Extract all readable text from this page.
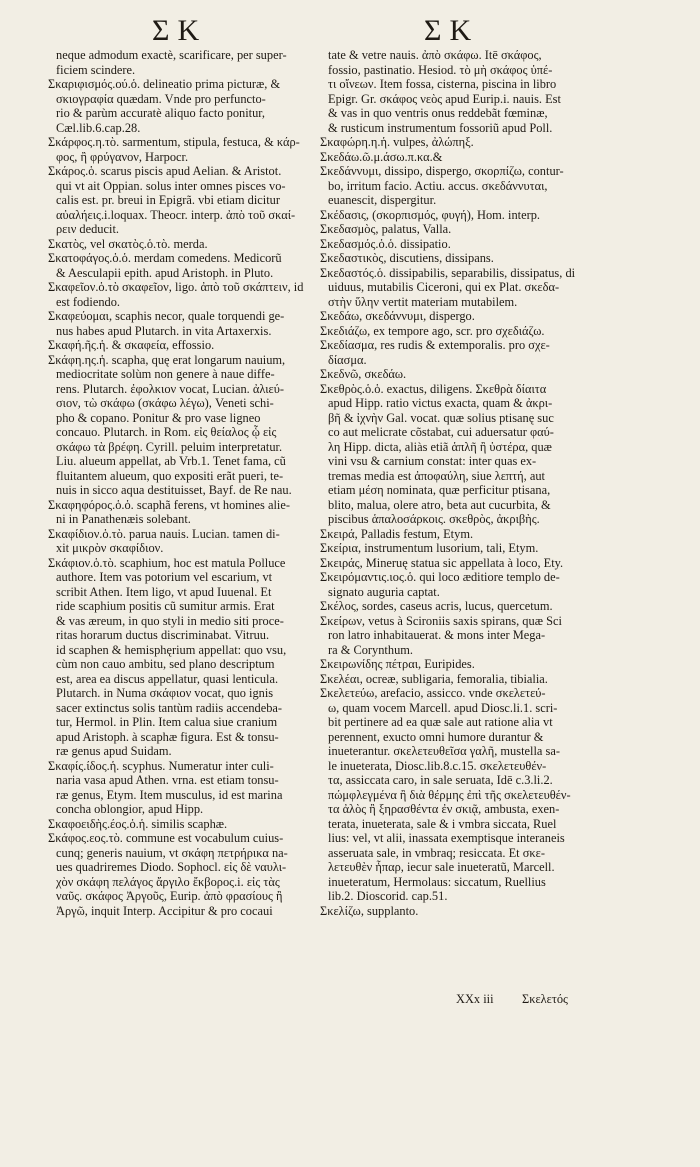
ΣΚ	ΣΚ
neque admodum exactè, scarificare, per super-
ficiem scindere.
Σκαριφισμός.ού.ὁ. delineatio prima picturæ, &
σκιογραφία quædam. Vnde pro perfuncto-
rio & parùm accuratè aliquo facto ponitur,
Cæl.lib.6.cap.28.
Σκάρφος.η.τὸ. sarmentum, stipula, festuca, & κάρ-
φος, ἢ φρύγανον, Harpocr.
Σκάρος.ὁ. scarus piscis apud Aelian. & Aristot.
qui vt ait Oppian. solus inter omnes pisces vo-
calis est. pr. breui in Epigrã. vbi etiam dicitur
αὐαλήεις.i.loquax. Theocr. interp. ἀπὸ τοῦ σκαί-
ρειν deducit.
Σκατὸς, vel σκατὸς.ὁ.τὸ. merda.
Σκατοφάγος.ὁ.ὁ. merdam comedens. Medicorũ
& Aesculapii epith. apud Aristoph. in Pluto.
Σκαφεῖον.ὁ.τὸ σκαφεῖον, ligo. ἀπὸ τοῦ σκάπτειν, id
est fodiendo.
Σκαφεύομαι, scaphis necor, quale torquendi ge-
nus habes apud Plutarch. in vita Artaxerxis.
Σκαφή.ῆς.ἡ. & σκαφεία, effossio.
Σκάφη.ης.ἡ. scapha, quę erat longarum nauium,
mediocritate solùm non genere à naue diffe-
rens. Plutarch. ἐφολκιον vocat, Lucian. ἀλιεύ-
σιον, τὼ σκάφω (σκάφω λέγω), Veneti schi-
pho & copano. Ponitur & pro vase ligneo
concauo. Plutarch. in Rom. εἰς θείαλος ᾧ εἰς
σκάφω τὰ βρέφη. Cyrill. peluim interpretatur.
Liu. alueum appellat, ab Vrb.1. Tenet fama, cũ
fluitantem alueum, quo expositi erãt pueri, te-
nuis in sicco aqua destituisset, Bayf. de Re nau.
Σκαφηφόρος.ὁ.ὁ. scaphã ferens, vt homines alie-
ni in Panathenæis solebant.
Σκαφίδιον.ὁ.τὸ. parua nauis. Lucian. tamen di-
xit μικρὸν σκαφίδιον.
Σκάφιον.ὁ.τὸ. scaphium, hoc est matula Polluce
authore. Item vas potorium vel escarium, vt
scribit Athen. Item ligo, vt apud Iuuenal. Et
ride scaphium positis cũ sumitur armis. Erat
& vas æreum, in quo styli in medio siti proce-
ritas horarum ductus discriminabat. Vitruu.
id scaphen & hemisphęrium appellat: quo vsu,
cùm non cauo ambitu, sed plano descriptum
est, area ea discus appellatur, quasi lenticula.
Plutarch. in Numa σκάφιον vocat, quo ignis
sacer extinctus solis tantùm radiis accendeba-
tur, Hermol. in Plin. Item calua siue cranium
apud Aristoph. à scaphæ figura. Est & tonsu-
ræ genus apud Suidam.
Σκαφίς.ίδος.ἡ. scyphus. Numeratur inter culi-
naria vasa apud Athen. vrna. est etiam tonsu-
ræ genus, Etym. Item musculus, id est marina
concha oblongior, apud Hipp.
Σκαφοειδὴς.έος.ὁ.ἡ. similis scaphæ.
Σκάφος.εος.τὸ. commune est vocabulum cuius-
cunq; generis nauium, vt σκάφη πετρήρικα na-
ues quadriremes Diodo. Sophocl. εἰς δὲ ναυλι-
χὸν σκάφη πελάγος ἄργιλο ἔκβορος.i. εἰς τὰς
ναῦς. σκάφος Ἀργοῦς, Eurip. ἀπὸ φρασίους ἢ
Ἀργῶ, inquit Interp. Accipitur & pro cocaui
tate & vetre nauis. ἀπὸ σκάφω. Itē σκάφος,
fossio, pastinatio. Hesiod. τὸ μὴ σκάφος ὑπέ-
τι οἴνεων. Item fossa, cisterna, piscina in libro
Epigr. Gr. σκάφος νεὸς apud Eurip.i. nauis. Est
& vas in quo ventris onus reddebãt fœminæ,
& rusticum instrumentum fossoriũ apud Poll.
Σκαφώρη.η.ἡ. vulpes, ἀλώπηξ.
Σκεδάω.ῶ.μ.άσω.π.κα.&
Σκεδάννυμι, dissipo, dispergo, σκορπίζω, contur-
bo, irritum facio. Actiu. accus. σκεδάννυται,
euanescit, dispergitur.
Σκέδασις, (σκορπισμός, φυγή), Hom. interp.
Σκεδασμὸς, palatus, Valla.
Σκεδασμός.ὁ.ὁ. dissipatio.
Σκεδαστικὸς, discutiens, dissipans.
Σκεδαστός.ὁ. dissipabilis, separabilis, dissipatus, di
uiduus, mutabilis Ciceroni, qui ex Plat. σκεδα-
στὴν ὕλην vertit materiam mutabilem.
Σκεδάω, σκεδάννυμι, dispergo.
Σκεδιάζω, ex tempore ago, scr. pro σχεδιάζω.
Σκεδίασμα, res rudis & extemporalis. pro σχε-
δίασμα.
Σκεδνῶ, σκεδάω.
Σκεθρὸς.ὁ.ὁ. exactus, diligens. Σκεθρὰ δίαιτα
apud Hipp. ratio victus exacta, quam & ἀκρι-
βῆ & ἰχνὴν Gal. vocat. quæ solius ptisanę suc
co aut melicrate cõstabat, cui aduersatur φαύ-
λη Hipp. dicta, aliàs etiã ἁπλῆ ἢ ὑστέρα, quæ
vini vsu & carnium constat: inter quas ex-
tremas media est ἀποφαύλη, siue λεπτή, aut
etiam μέση nominata, quæ perficitur ptisana,
blito, malua, olere atro, beta aut cucurbita, &
piscibus ἁπαλοσάρκοις. σκεθρὸς, ἀκριβὴς.
Σκειρά, Palladis festum, Etym.
Σκείρια, instrumentum lusorium, tali, Etym.
Σκειράς, Mineruę statua sic appellata à loco, Ety.
Σκειρόμαντις.ιος.ὁ. qui loco æditiore templo de-
signato auguria captat.
Σκέλος, sordes, caseus acris, lucus, quercetum.
Σκείρων, vetus à Scironiis saxis spirans, quæ Sci
ron latro inhabitauerat. & mons inter Mega-
ra & Corynthum.
Σκειρωνίδης πέτραι, Euripides.
Σκελέαι, ocreæ, subligaria, femoralia, tibialia.
Σκελετεύω, arefacio, assicco. vnde σκελετεύ-
ω, quam vocem Marcell. apud Diosc.li.1. scri-
bit pertinere ad ea quæ sale aut ratione alia vt
perennent, exucto omni humore durantur &
inueterantur. σκελετευθεῖσα γαλῆ, mustella sa-
le inueterata, Diosc.lib.8.c.15. σκελετευθέν-
τα, assiccata caro, in sale seruata, Idē c.3.li.2.
πώμφλεγμένα ἢ διὰ θέρμης ἐπὶ τῆς σκελετευθέν-
τα ἀλὸς ἢ ξηρασθέντα ἐν σκιᾷ, ambusta, exen-
terata, inueterata, sale & i vmbra siccata, Ruel
lius: vel, vt alii, inassata exemptisque interaneis
asseruata sale, in vmbraq; resiccata. Et σκε-
λετευθὲν ἧπαρ, iecur sale inueteratũ, Marcell.
inueteratum, Hermolaus: siccatum, Ruellius
lib.2. Dioscorid. cap.51.
Σκελίζω, supplanto.
XXx iii Σκελετός
